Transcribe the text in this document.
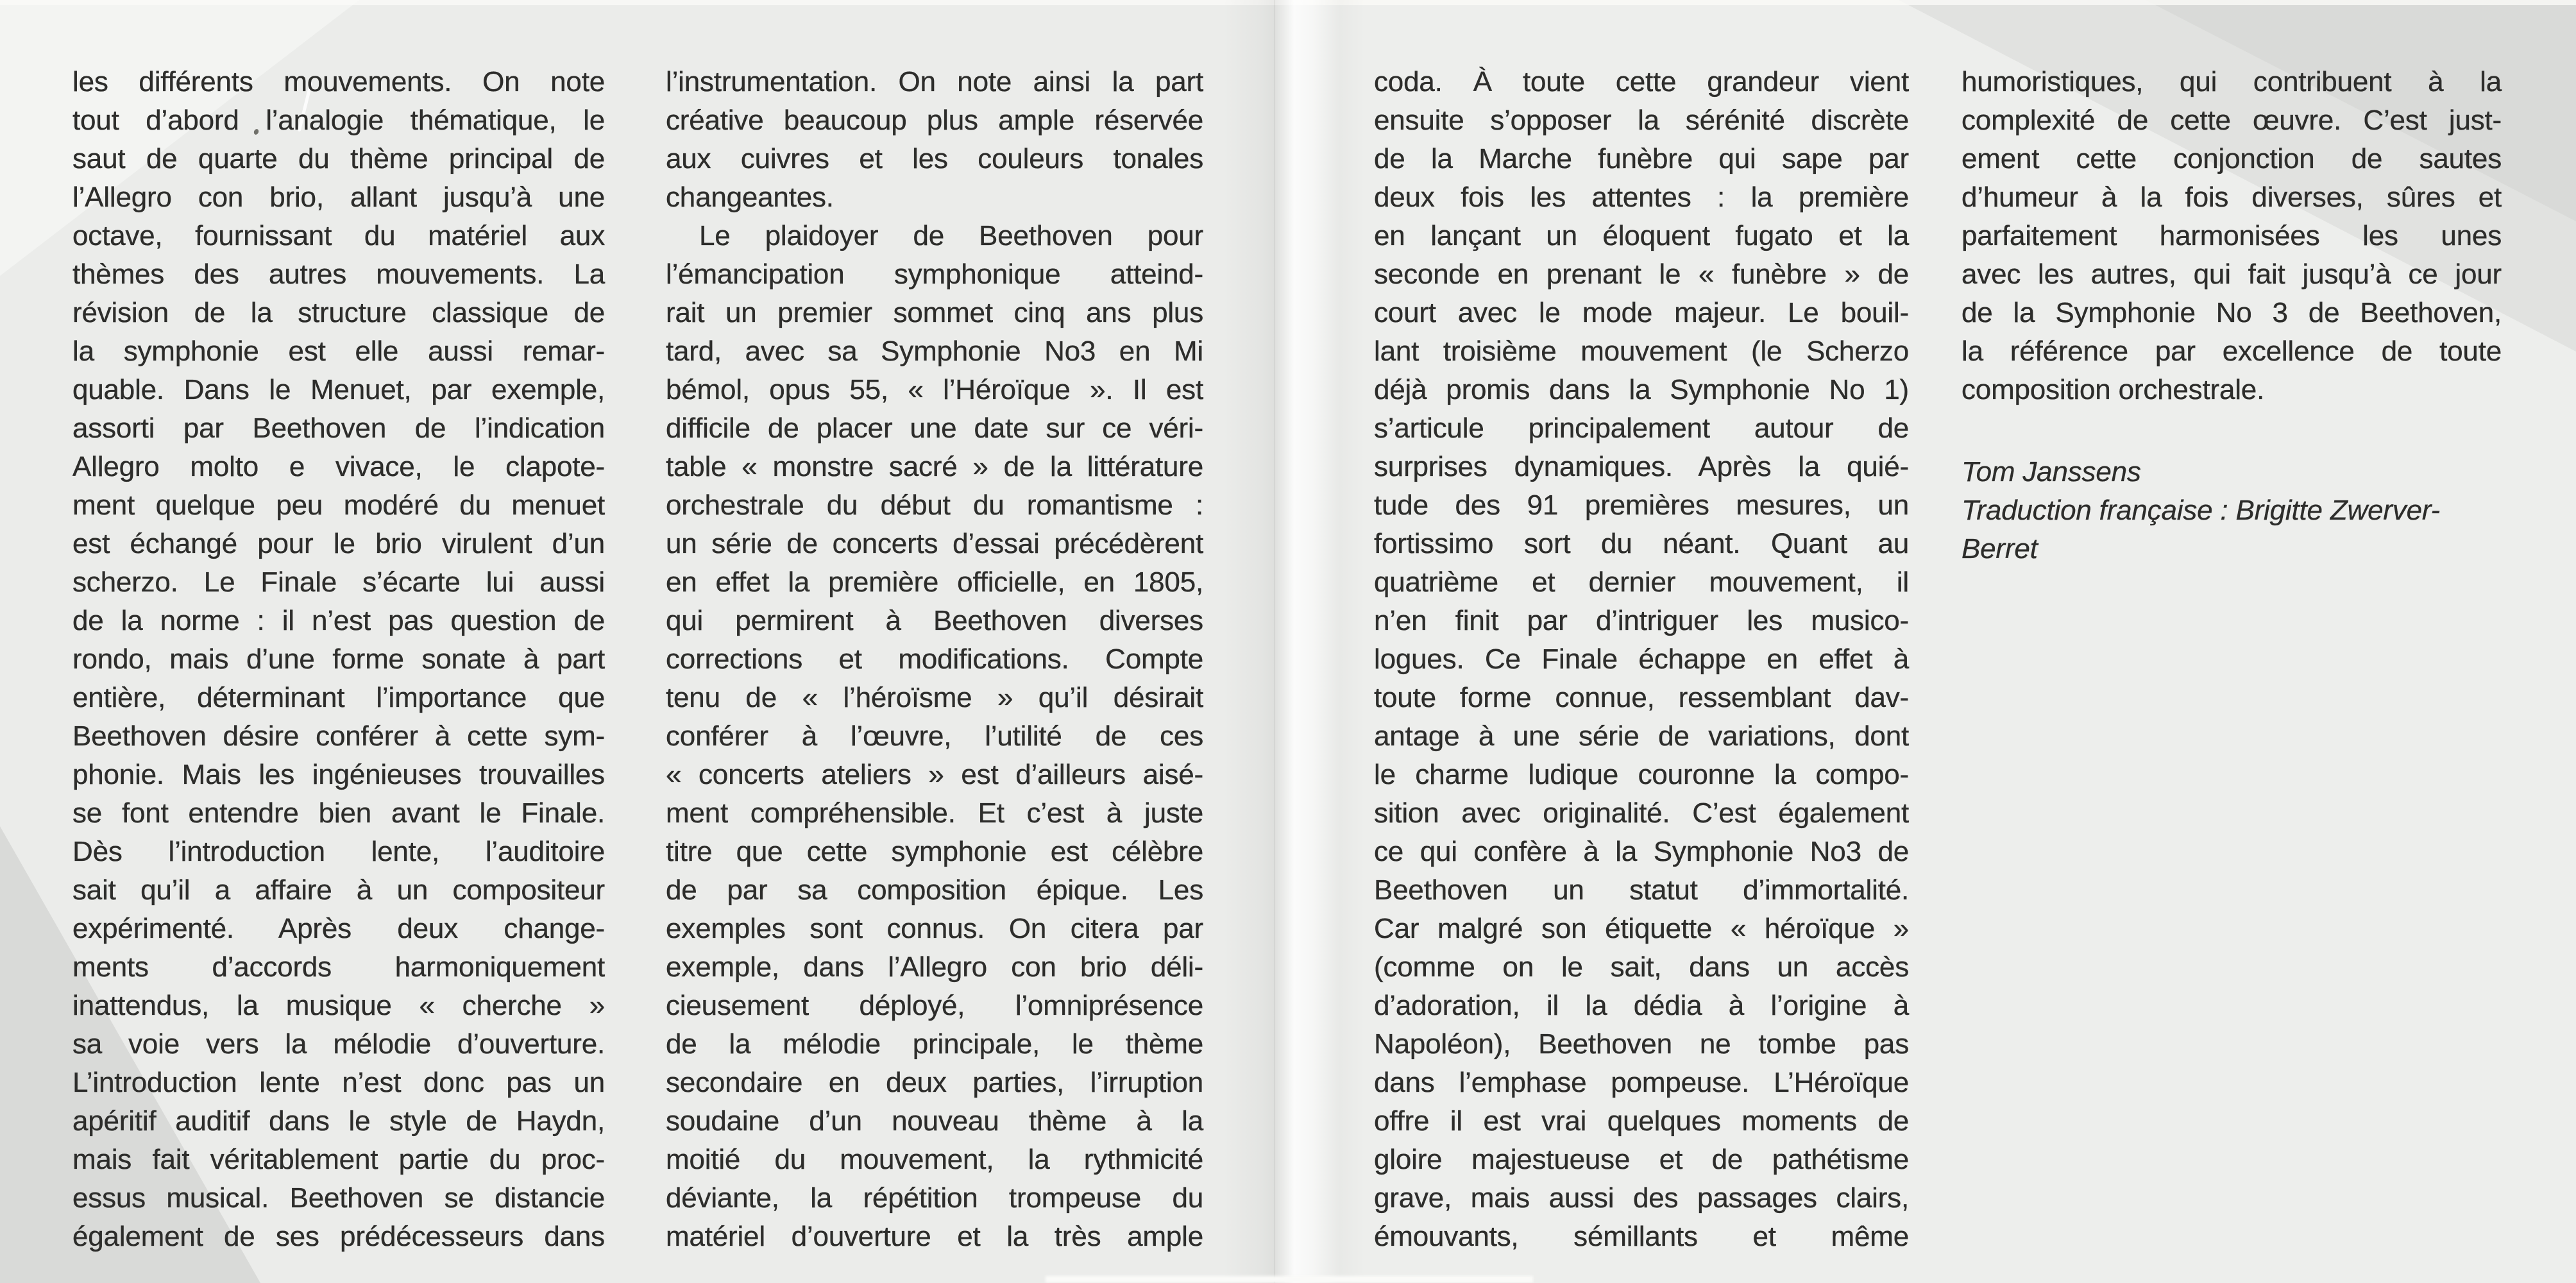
les différents mouvements. On note
tout d’abord l’analogie thématique, le
saut de quarte du thème principal de
l’Allegro con brio, allant jusqu’à une
octave, fournissant du matériel aux
thèmes des autres mouvements. La
révision de la structure classique de
la symphonie est elle aussi remar-
quable. Dans le Menuet, par exemple,
assorti par Beethoven de l’indication
Allegro molto e vivace, le clapote-
ment quelque peu modéré du menuet
est échangé pour le brio virulent d’un
scherzo. Le Finale s’écarte lui aussi
de la norme : il n’est pas question de
rondo, mais d’une forme sonate à part
entière, déterminant l’importance que
Beethoven désire conférer à cette sym-
phonie. Mais les ingénieuses trouvailles
se font entendre bien avant le Finale.
Dès l’introduction lente, l’auditoire
sait qu’il a affaire à un compositeur
expérimenté. Après deux change-
ments d’accords harmoniquement
inattendus, la musique « cherche »
sa voie vers la mélodie d’ouverture.
L’introduction lente n’est donc pas un
apéritif auditif dans le style de Haydn,
mais fait véritablement partie du proc-
essus musical. Beethoven se distancie
également de ses prédécesseurs dans
l’instrumentation. On note ainsi la part
créative beaucoup plus ample réservée
aux cuivres et les couleurs tonales
changeantes.
Le plaidoyer de Beethoven pour
l’émancipation symphonique atteind-
rait un premier sommet cinq ans plus
tard, avec sa Symphonie No3 en Mi
bémol, opus 55, « l’Héroïque ». Il est
difficile de placer une date sur ce véri-
table « monstre sacré » de la littérature
orchestrale du début du romantisme :
un série de concerts d’essai précédèrent
en effet la première officielle, en 1805,
qui permirent à Beethoven diverses
corrections et modifications. Compte
tenu de « l’héroïsme » qu’il désirait
conférer à l’œuvre, l’utilité de ces
« concerts ateliers » est d’ailleurs aisé-
ment compréhensible. Et c’est à juste
titre que cette symphonie est célèbre
de par sa composition épique. Les
exemples sont connus. On citera par
exemple, dans l’Allegro con brio déli-
cieusement déployé, l’omniprésence
de la mélodie principale, le thème
secondaire en deux parties, l’irruption
soudaine d’un nouveau thème à la
moitié du mouvement, la rythmicité
déviante, la répétition trompeuse du
matériel d’ouverture et la très ample
coda. À toute cette grandeur vient
ensuite s’opposer la sérénité discrète
de la Marche funèbre qui sape par
deux fois les attentes : la première
en lançant un éloquent fugato et la
seconde en prenant le « funèbre » de
court avec le mode majeur. Le bouil-
lant troisième mouvement (le Scherzo
déjà promis dans la Symphonie No 1)
s’articule principalement autour de
surprises dynamiques. Après la quié-
tude des 91 premières mesures, un
fortissimo sort du néant. Quant au
quatrième et dernier mouvement, il
n’en finit par d’intriguer les musico-
logues. Ce Finale échappe en effet à
toute forme connue, ressemblant dav-
antage à une série de variations, dont
le charme ludique couronne la compo-
sition avec originalité. C’est également
ce qui confère à la Symphonie No3 de
Beethoven un statut d’immortalité.
Car malgré son étiquette « héroïque »
(comme on le sait, dans un accès
d’adoration, il la dédia à l’origine à
Napoléon), Beethoven ne tombe pas
dans l’emphase pompeuse. L’Héroïque
offre il est vrai quelques moments de
gloire majestueuse et de pathétisme
grave, mais aussi des passages clairs,
émouvants, sémillants et même
humoristiques, qui contribuent à la
complexité de cette œuvre. C’est just-
ement cette conjonction de sautes
d’humeur à la fois diverses, sûres et
parfaitement harmonisées les unes
avec les autres, qui fait jusqu’à ce jour
de la Symphonie No 3 de Beethoven,
la référence par excellence de toute
composition orchestrale.
Tom Janssens
Traduction française : Brigitte Zwerver-
Berret
